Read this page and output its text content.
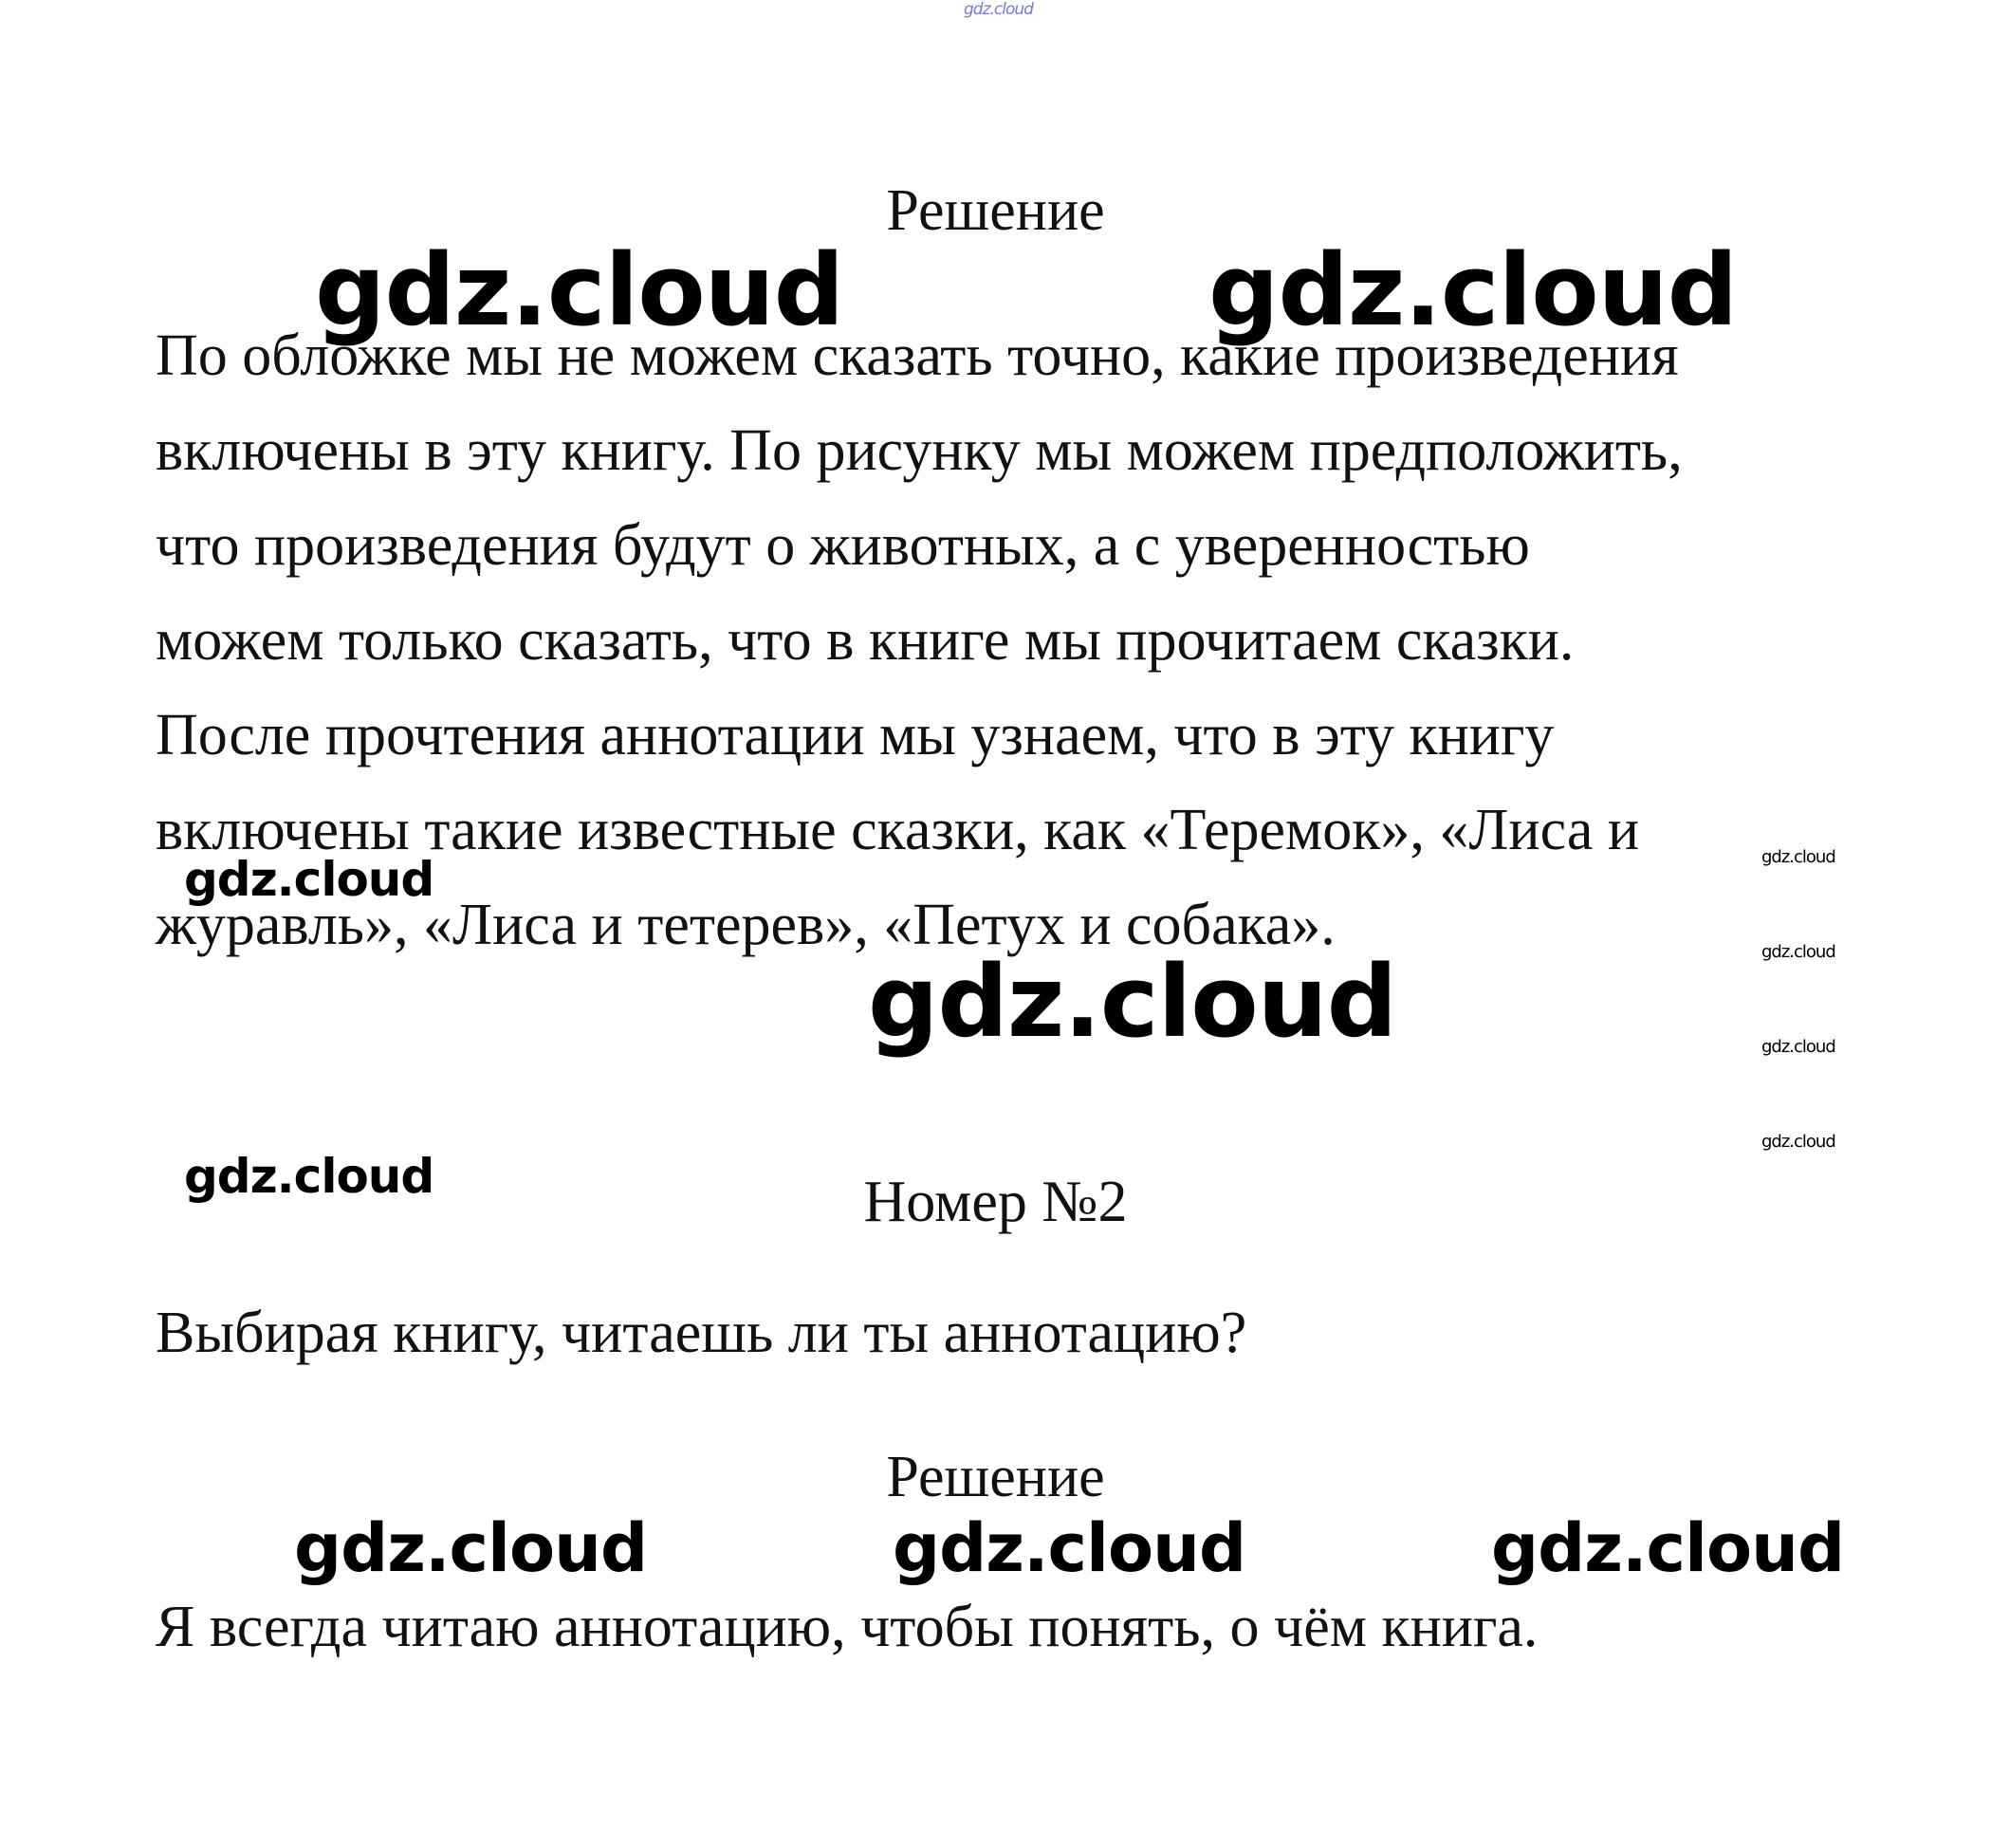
Решение
По обложке мы не можем сказать точно, какие произведения
включены в эту книгу. По рисунку мы можем предположить,
что произведения будут о животных, а с уверенностью
можем только сказать, что в книге мы прочитаем сказки.
После прочтения аннотации мы узнаем, что в эту книгу
включены такие известные сказки, как «Теремок», «Лиса и
журавль», «Лиса и тетерев», «Петух и собака».
Номер №2
Выбирая книгу, читаешь ли ты аннотацию?
Решение
Я всегда читаю аннотацию, чтобы понять, о чём книга.
gdz.cloud
gdz.cloud	gdz.cloud
gdz.cloud
gdz.cloud
gdz.cloud
gdz.cloud
gdz.cloud
gdz.cloud
gdz.cloud
gdz.cloud	gdz.cloud	gdz.cloud
